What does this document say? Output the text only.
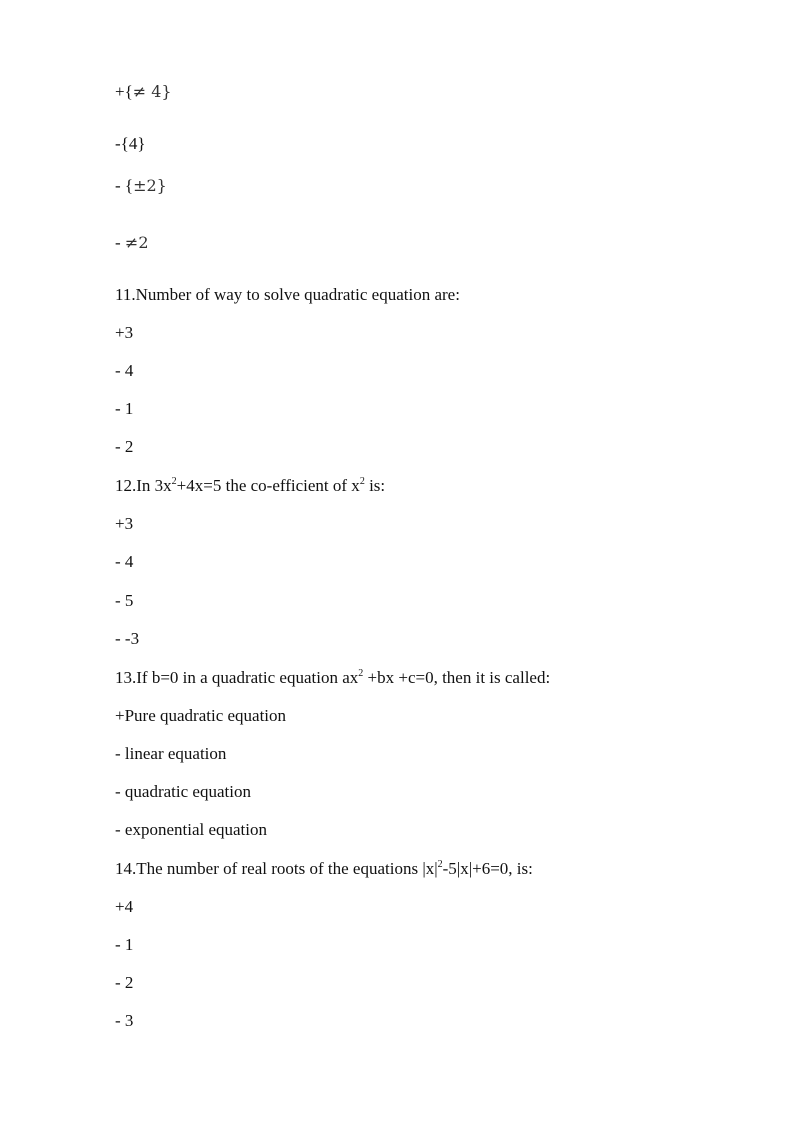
+{≠ 4}
-{4}
- {±2}
- ≠2
11.Number of way to solve quadratic equation are:
+3
- 4
- 1
- 2
12.In $3x^2+4x=5$ the co-efficient of $x^2$ is:
+3
- 4
- 5
- -3
13.If b=0 in a quadratic equation $ax^2 +bx +c=0$, then it is called:
+Pure quadratic equation
- linear equation
- quadratic equation
- exponential equation
14.The number of real roots of the equations $|x|^2-5|x|+6=0$, is:
+4
- 1
- 2
- 3
